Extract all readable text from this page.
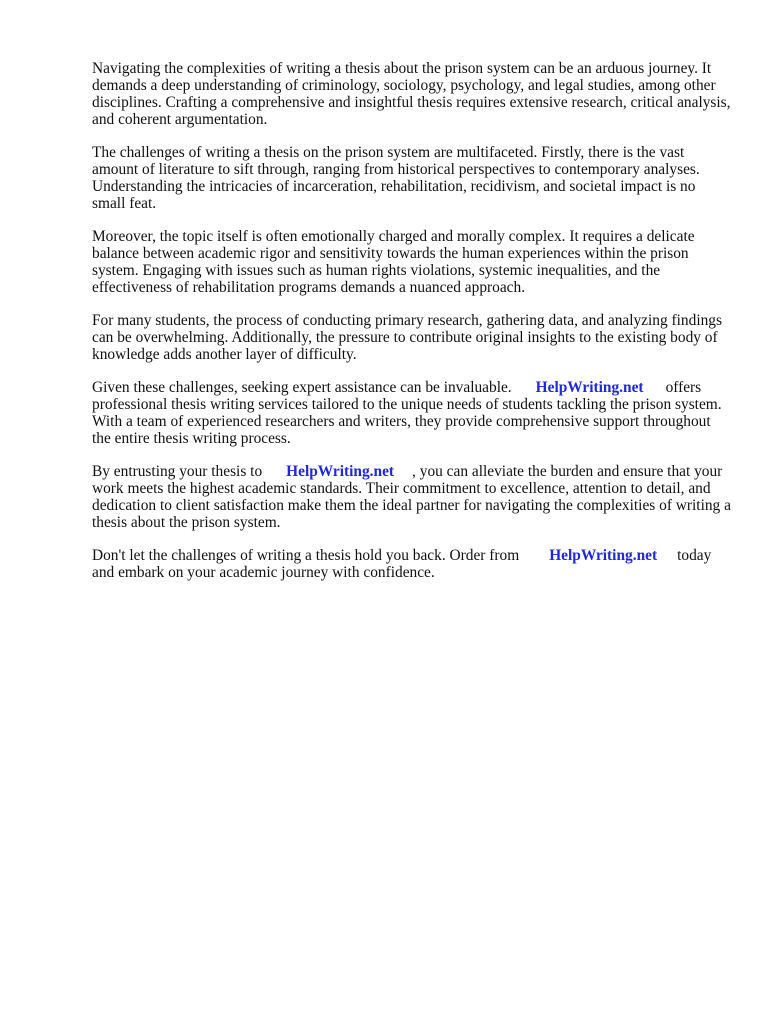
Navigating the complexities of writing a thesis about the prison system can be an arduous journey. It demands a deep understanding of criminology, sociology, psychology, and legal studies, among other disciplines. Crafting a comprehensive and insightful thesis requires extensive research, critical analysis, and coherent argumentation.

The challenges of writing a thesis on the prison system are multifaceted. Firstly, there is the vast amount of literature to sift through, ranging from historical perspectives to contemporary analyses. Understanding the intricacies of incarceration, rehabilitation, recidivism, and societal impact is no small feat.

Moreover, the topic itself is often emotionally charged and morally complex. It requires a delicate balance between academic rigor and sensitivity towards the human experiences within the prison system. Engaging with issues such as human rights violations, systemic inequalities, and the effectiveness of rehabilitation programs demands a nuanced approach.

For many students, the process of conducting primary research, gathering data, and analyzing findings can be overwhelming. Additionally, the pressure to contribute original insights to the existing body of knowledge adds another layer of difficulty.

Given these challenges, seeking expert assistance can be invaluable. HelpWriting.net offers professional thesis writing services tailored to the unique needs of students tackling the prison system. With a team of experienced researchers and writers, they provide comprehensive support throughout the entire thesis writing process.

By entrusting your thesis to HelpWriting.net , you can alleviate the burden and ensure that your work meets the highest academic standards. Their commitment to excellence, attention to detail, and dedication to client satisfaction make them the ideal partner for navigating the complexities of writing a thesis about the prison system.

Don't let the challenges of writing a thesis hold you back. Order from HelpWriting.net today and embark on your academic journey with confidence.
